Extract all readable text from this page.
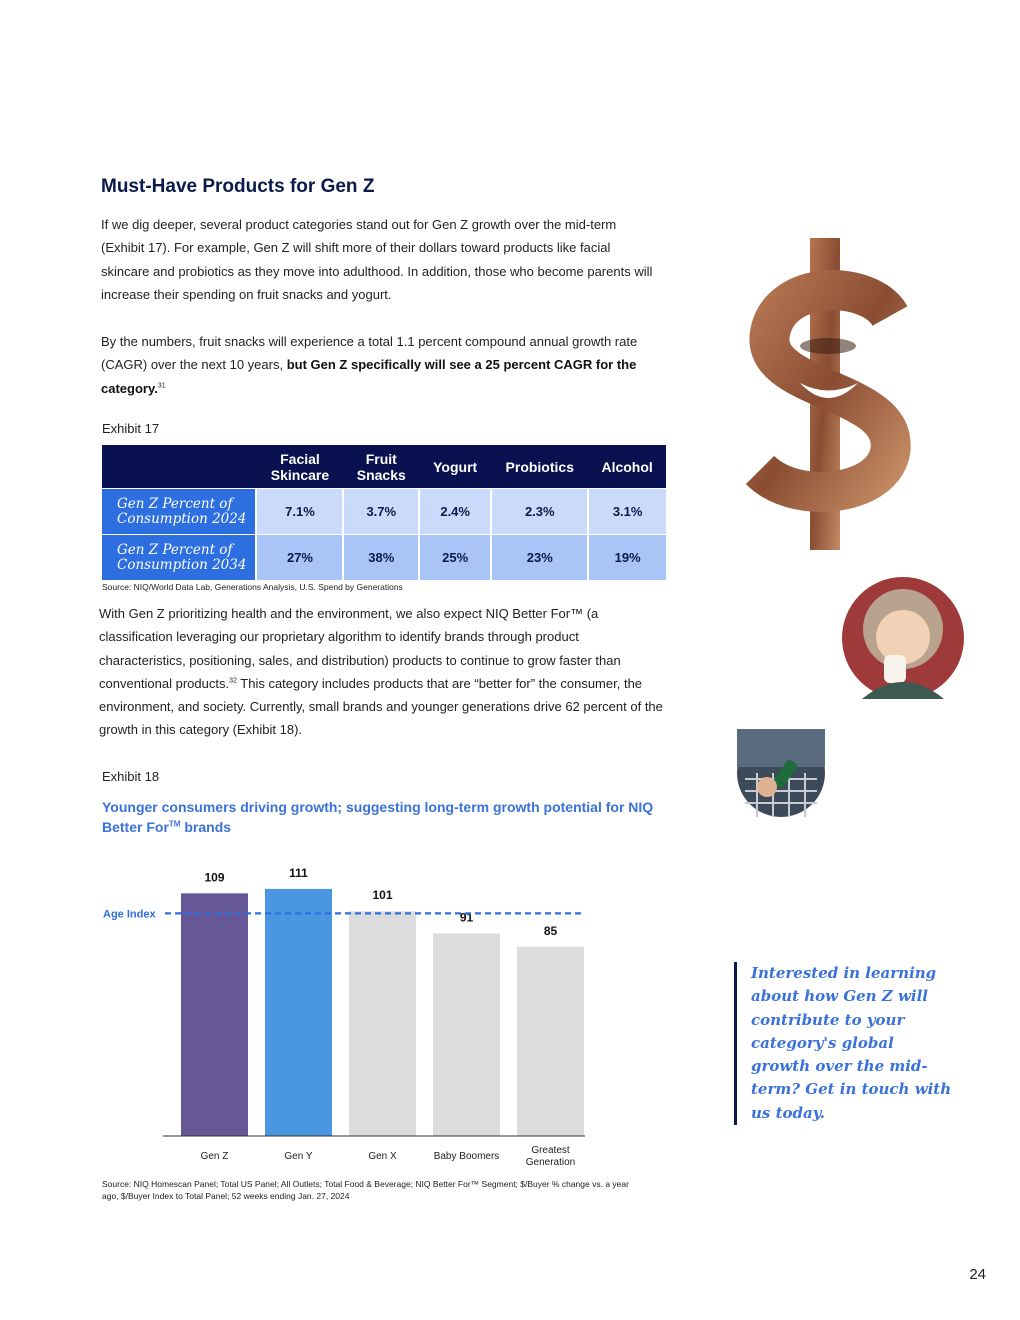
Must-Have Products for Gen Z

If we dig deeper, several product categories stand out for Gen Z growth over the mid-term (Exhibit 17). For example, Gen Z will shift more of their dollars toward products like facial skincare and probiotics as they move into adulthood. In addition, those who become parents will increase their spending on fruit snacks and yogurt.

By the numbers, fruit snacks will experience a total 1.1 percent compound annual growth rate (CAGR) over the next 10 years, but Gen Z specifically will see a 25 percent CAGR for the category.$^{31}$

Exhibit 17
	Facial Skincare	Fruit Snacks	Yogurt	Probiotics	Alcohol
Gen Z Percent of Consumption 2024	7.1%	3.7%	2.4%	2.3%	3.1%
Gen Z Percent of Consumption 2034	27%	38%	25%	23%	19%
Source: NIQ/World Data Lab, Generations Analysis, U.S. Spend by Generations

With Gen Z prioritizing health and the environment, we also expect NIQ Better For™ (a classification leveraging our proprietary algorithm to identify brands through product characteristics, positioning, sales, and distribution) products to continue to grow faster than conventional products.$^{32}$ This category includes products that are “better for” the consumer, the environment, and society. Currently, small brands and younger generations drive 62 percent of the growth in this category (Exhibit 18).

Exhibit 18
Younger consumers driving growth; suggesting long-term growth potential for NIQ Better For™ brands
109
Gen Z
111
Gen Y
101
Gen X
91
Baby Boomers
85
Greatest
Generation
Age Index
Source: NIQ Homescan Panel; Total US Panel; All Outlets; Total Food & Beverage; NIQ Better For™ Segment; $/Buyer % change vs. a year ago, $/Buyer Index to Total Panel; 52 weeks ending Jan. 27, 2024
Interested in learning about how Gen Z will contribute to your category's global growth over the mid-term? Get in touch with us today.
24
